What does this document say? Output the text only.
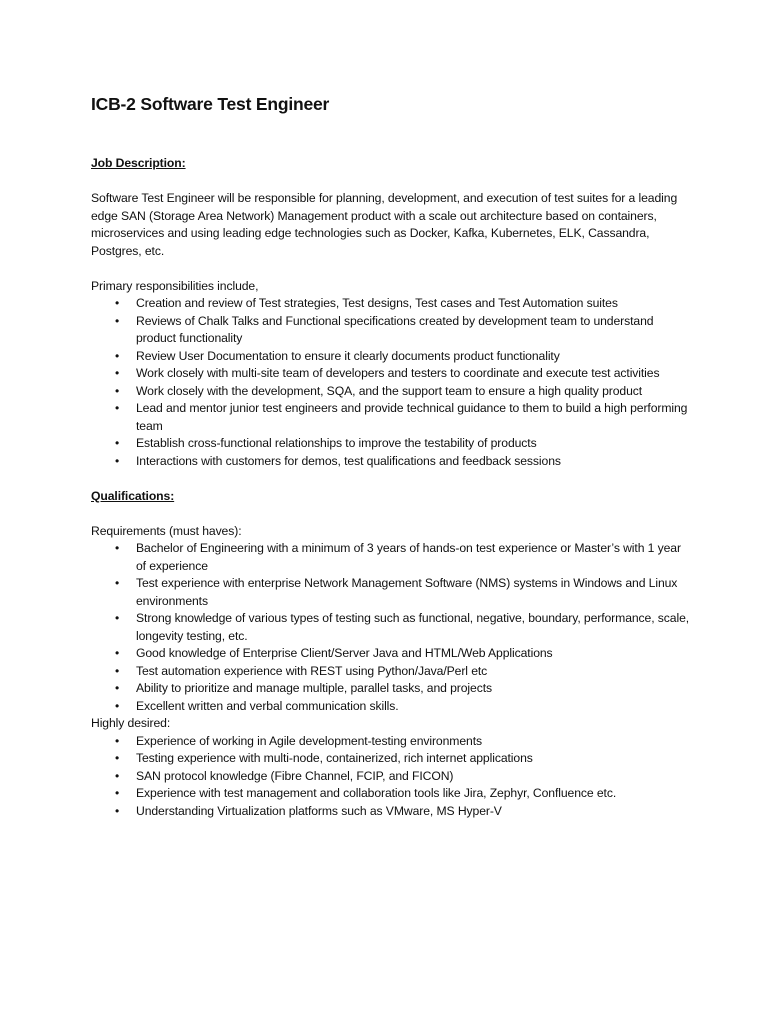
ICB-2 Software Test Engineer
Job Description:

Software Test Engineer will be responsible for planning, development, and execution of test suites for a leading edge SAN (Storage Area Network) Management product with a scale out architecture based on containers, microservices and using leading edge technologies such as Docker, Kafka, Kubernetes, ELK, Cassandra, Postgres, etc.

Primary responsibilities include,

• Creation and review of Test strategies, Test designs, Test cases and Test Automation suites
• Reviews of Chalk Talks and Functional specifications created by development team to understand product functionality
• Review User Documentation to ensure it clearly documents product functionality
• Work closely with multi-site team of developers and testers to coordinate and execute test activities
• Work closely with the development, SQA, and the support team to ensure a high quality product
• Lead and mentor junior test engineers and provide technical guidance to them to build a high performing team
• Establish cross-functional relationships to improve the testability of products
• Interactions with customers for demos, test qualifications and feedback sessions
Qualifications:

Requirements (must haves):

• Bachelor of Engineering with a minimum of 3 years of hands-on test experience or Master’s with 1 year of experience
• Test experience with enterprise Network Management Software (NMS) systems in Windows and Linux environments
• Strong knowledge of various types of testing such as functional, negative, boundary, performance, scale, longevity testing, etc.
• Good knowledge of Enterprise Client/Server Java and HTML/Web Applications
• Test automation experience with REST using Python/Java/Perl etc
• Ability to prioritize and manage multiple, parallel tasks, and projects
• Excellent written and verbal communication skills.

Highly desired:

• Experience of working in Agile development-testing environments
• Testing experience with multi-node, containerized, rich internet applications
• SAN protocol knowledge (Fibre Channel, FCIP, and FICON)
• Experience with test management and collaboration tools like Jira, Zephyr, Confluence etc.
• Understanding Virtualization platforms such as VMware, MS Hyper-V
